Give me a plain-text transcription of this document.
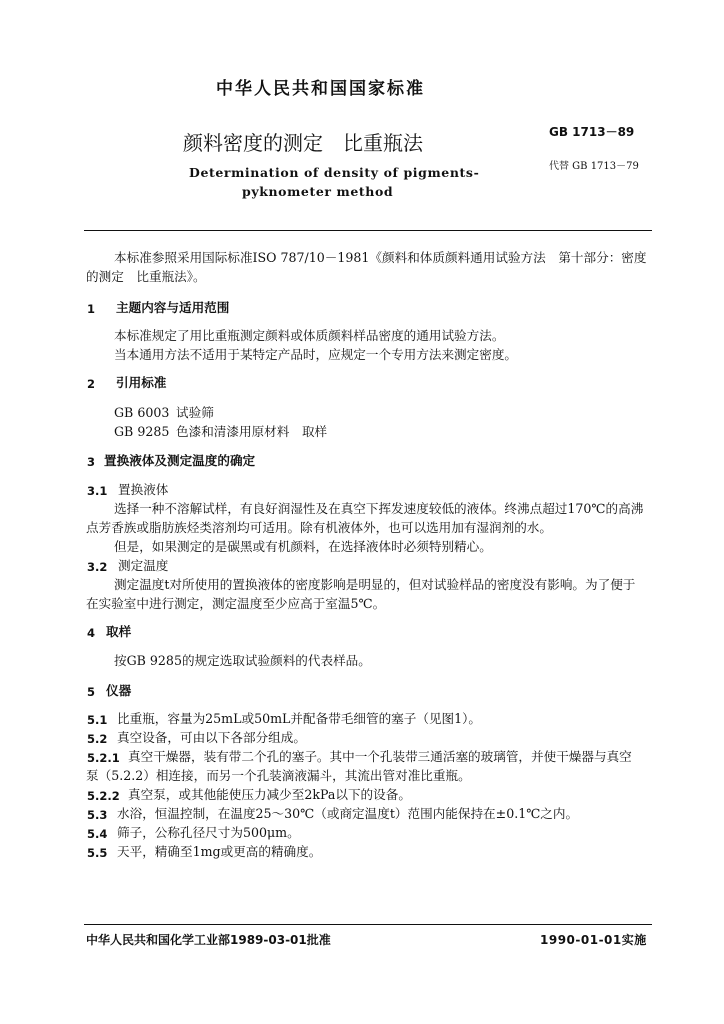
中华人民共和国国家标准
颜料密度的测定　比重瓶法	GB 1713－89
代替 GB 1713－79
Determination of density of pigments-
pyknometer method
本标准参照采用国际标准ISO 787/10－1981《颜料和体质颜料通用试验方法　第十部分：密度
的测定　比重瓶法》。
1 主题内容与适用范围
本标准规定了用比重瓶测定颜料或体质颜料样品密度的通用试验方法。
当本通用方法不适用于某特定产品时，应规定一个专用方法来测定密度。
2 引用标准
GB 6003 试验筛
GB 9285 色漆和清漆用原材料　取样
3 置换液体及测定温度的确定
3.1 置换液体
选择一种不溶解试样，有良好润湿性及在真空下挥发速度较低的液体。终沸点超过170℃的高沸
点芳香族或脂肪族烃类溶剂均可适用。除有机液体外，也可以选用加有湿润剂的水。
但是，如果测定的是碳黑或有机颜料，在选择液体时必须特别精心。
3.2 测定温度
测定温度t对所使用的置换液体的密度影响是明显的，但对试验样品的密度没有影响。为了便于
在实验室中进行测定，测定温度至少应高于室温5℃。
4 取样
按GB 9285的规定选取试验颜料的代表样品。
5 仪器
5.1 比重瓶，容量为25mL或50mL并配备带毛细管的塞子（见图1）。
5.2 真空设备，可由以下各部分组成。
5.2.1 真空干燥器，装有带二个孔的塞子。其中一个孔装带三通活塞的玻璃管，并使干燥器与真空
泵（5.2.2）相连接，而另一个孔装滴液漏斗，其流出管对准比重瓶。
5.2.2 真空泵，或其他能使压力减少至2kPa以下的设备。
5.3 水浴，恒温控制，在温度25～30℃（或商定温度t）范围内能保持在±0.1℃之内。
5.4 筛子，公称孔径尺寸为500μm。
5.5 天平，精确至1mg或更高的精确度。
中华人民共和国化学工业部1989-03-01批准	1990-01-01实施
